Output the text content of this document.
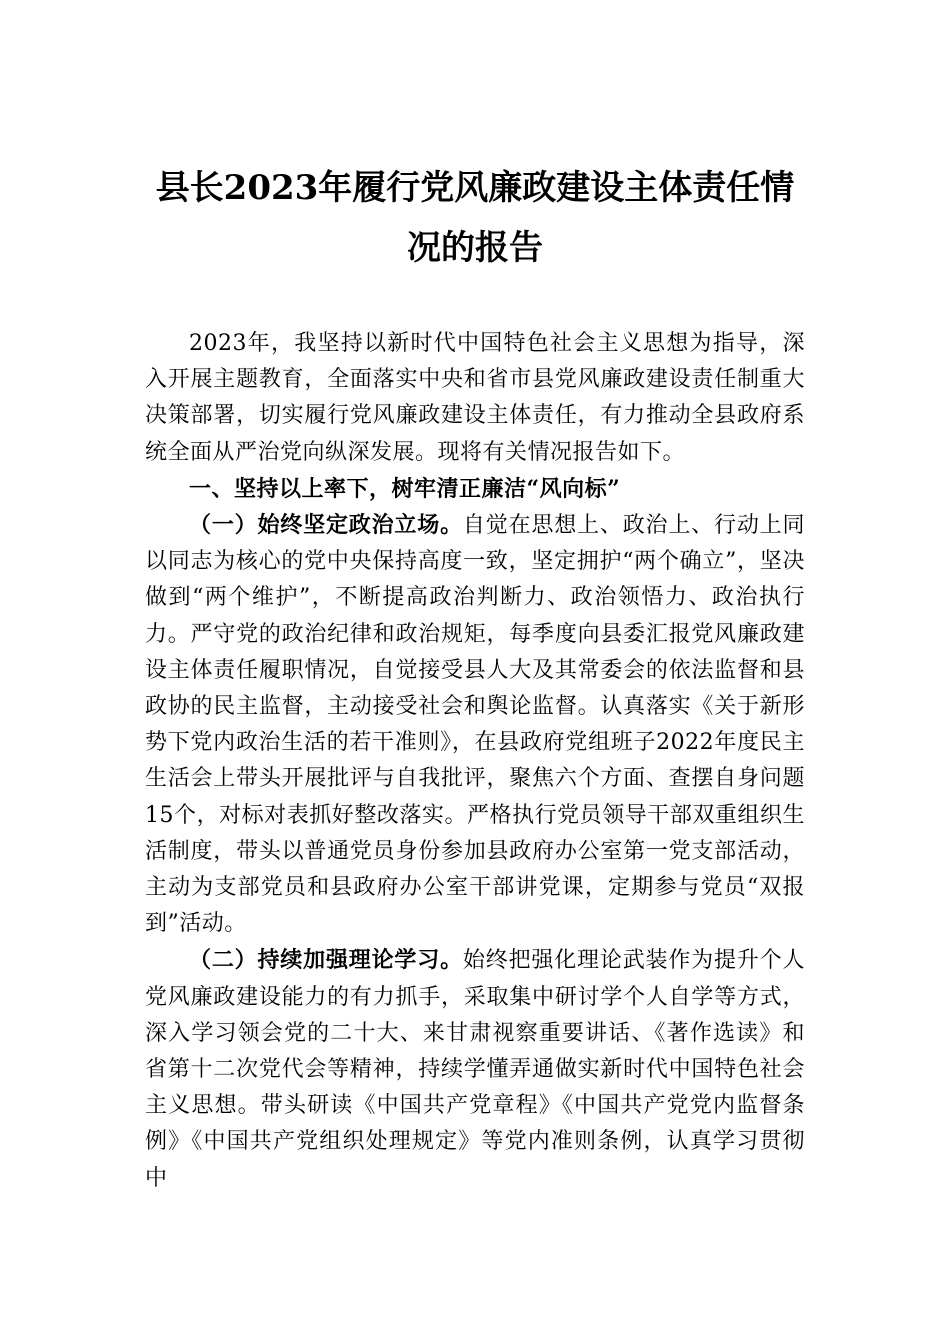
县长2023年履行党风廉政建设主体责任情
况的报告

2023年，我坚持以新时代中国特色社会主义思想为指导，深入开展主题教育，全面落实中央和省市县党风廉政建设责任制重大决策部署，切实履行党风廉政建设主体责任，有力推动全县政府系统全面从严治党向纵深发展。现将有关情况报告如下。

一、坚持以上率下，树牢清正廉洁“风向标”

（一）始终坚定政治立场。自觉在思想上、政治上、行动上同以同志为核心的党中央保持高度一致，坚定拥护“两个确立”，坚决做到“两个维护”，不断提高政治判断力、政治领悟力、政治执行力。严守党的政治纪律和政治规矩，每季度向县委汇报党风廉政建设主体责任履职情况，自觉接受县人大及其常委会的依法监督和县政协的民主监督，主动接受社会和舆论监督。认真落实《关于新形势下党内政治生活的若干准则》，在县政府党组班子2022年度民主生活会上带头开展批评与自我批评，聚焦六个方面、查摆自身问题15个，对标对表抓好整改落实。严格执行党员领导干部双重组织生活制度，带头以普通党员身份参加县政府办公室第一党支部活动，主动为支部党员和县政府办公室干部讲党课，定期参与党员“双报到”活动。

（二）持续加强理论学习。始终把强化理论武装作为提升个人党风廉政建设能力的有力抓手，采取集中研讨学个人自学等方式，深入学习领会党的二十大、来甘肃视察重要讲话、《著作选读》和省第十二次党代会等精神，持续学懂弄通做实新时代中国特色社会主义思想。带头研读《中国共产党章程》《中国共产党党内监督条例》《中国共产党组织处理规定》等党内准则条例，认真学习贯彻中
